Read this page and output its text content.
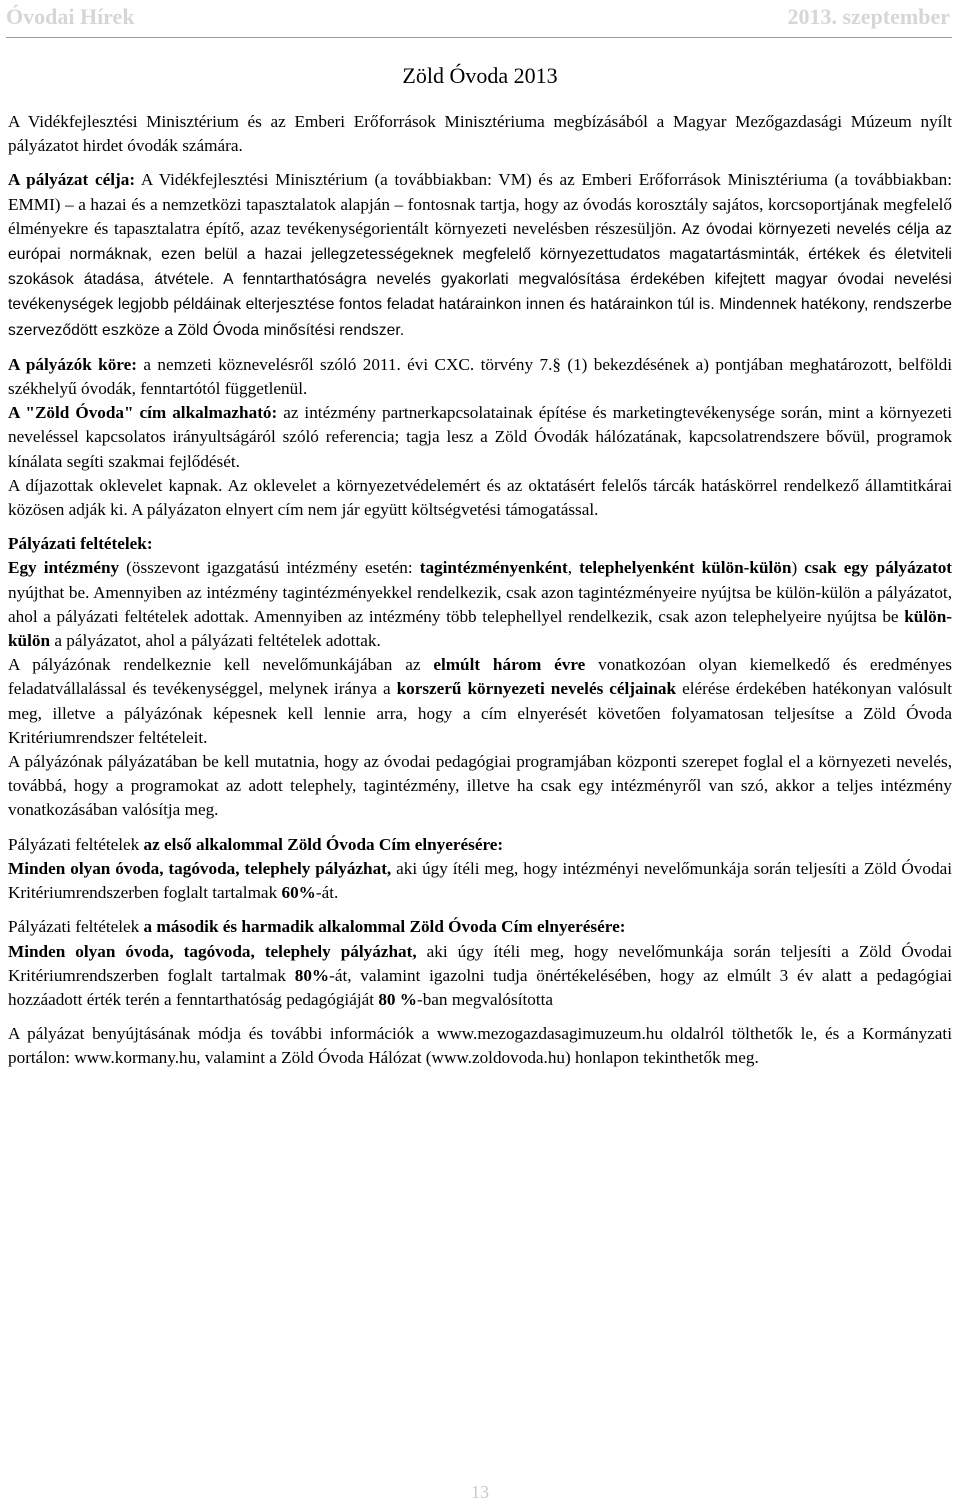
Óvodai Hírek	2013. szeptember
Zöld Óvoda 2013

A Vidékfejlesztési Minisztérium és az Emberi Erőforrások Minisztériuma megbízásából a Magyar Mezőgazdasági Múzeum nyílt pályázatot hirdet óvodák számára.

A pályázat célja: A Vidékfejlesztési Minisztérium (a továbbiakban: VM) és az Emberi Erőforrások Minisztériuma (a továbbiakban: EMMI) – a hazai és a nemzetközi tapasztalatok alapján – fontosnak tartja, hogy az óvodás korosztály sajátos, korcsoportjának megfelelő élményekre és tapasztalatra építő, azaz tevékenységorientált környezeti nevelésben részesüljön. Az óvodai környezeti nevelés célja az európai normáknak, ezen belül a hazai jellegzetességeknek megfelelő környezettudatos magatartásminták, értékek és életviteli szokások átadása, átvétele. A fenntarthatóságra nevelés gyakorlati megvalósítása érdekében kifejtett magyar óvodai nevelési tevékenységek legjobb példáinak elterjesztése fontos feladat határainkon innen és határainkon túl is. Mindennek hatékony, rendszerbe szerveződött eszköze a Zöld Óvoda minősítési rendszer.

A pályázók köre: a nemzeti köznevelésről szóló 2011. évi CXC. törvény 7.§ (1) bekezdésének a) pontjában meghatározott, belföldi székhelyű óvodák, fenntartótól függetlenül.

A "Zöld Óvoda" cím alkalmazható: az intézmény partnerkapcsolatainak építése és marketingtevékenysége során, mint a környezeti neveléssel kapcsolatos irányultságáról szóló referencia; tagja lesz a Zöld Óvodák hálózatának, kapcsolatrendszere bővül, programok kínálata segíti szakmai fejlődését.

A díjazottak oklevelet kapnak. Az oklevelet a környezetvédelemért és az oktatásért felelős tárcák hatáskörrel rendelkező államtitkárai közösen adják ki. A pályázaton elnyert cím nem jár együtt költségvetési támogatással.

Pályázati feltételek:

Egy intézmény (összevont igazgatású intézmény esetén: tagintézményenként, telephelyenként külön-külön) csak egy pályázatot nyújthat be. Amennyiben az intézmény tagintézményekkel rendelkezik, csak azon tagintézményeire nyújtsa be külön-külön a pályázatot, ahol a pályázati feltételek adottak. Amennyiben az intézmény több telephellyel rendelkezik, csak azon telephelyeire nyújtsa be külön-külön a pályázatot, ahol a pályázati feltételek adottak.

A pályázónak rendelkeznie kell nevelőmunkájában az elmúlt három évre vonatkozóan olyan kiemelkedő és eredményes feladatvállalással és tevékenységgel, melynek iránya a korszerű környezeti nevelés céljainak elérése érdekében hatékonyan valósult meg, illetve a pályázónak képesnek kell lennie arra, hogy a cím elnyerését követően folyamatosan teljesítse a Zöld Óvoda Kritériumrendszer feltételeit.

A pályázónak pályázatában be kell mutatnia, hogy az óvodai pedagógiai programjában központi szerepet foglal el a környezeti nevelés, továbbá, hogy a programokat az adott telephely, tagintézmény, illetve ha csak egy intézményről van szó, akkor a teljes intézmény vonatkozásában valósítja meg.

Pályázati feltételek az első alkalommal Zöld Óvoda Cím elnyerésére:

Minden olyan óvoda, tagóvoda, telephely pályázhat, aki úgy ítéli meg, hogy intézményi nevelőmunkája során teljesíti a Zöld Óvodai Kritériumrendszerben foglalt tartalmak 60%-át.

Pályázati feltételek a második és harmadik alkalommal Zöld Óvoda Cím elnyerésére:

Minden olyan óvoda, tagóvoda, telephely pályázhat, aki úgy ítéli meg, hogy nevelőmunkája során teljesíti a Zöld Óvodai Kritériumrendszerben foglalt tartalmak 80%-át, valamint igazolni tudja önértékelésében, hogy az elmúlt 3 év alatt a pedagógiai hozzáadott érték terén a fenntarthatóság pedagógiáját 80 %-ban megvalósította

A pályázat benyújtásának módja és további információk a www.mezogazdasagimuzeum.hu oldalról tölthetők le, és a Kormányzati portálon: www.kormany.hu, valamint a Zöld Óvoda Hálózat (www.zoldovoda.hu) honlapon tekinthetők meg.

13
